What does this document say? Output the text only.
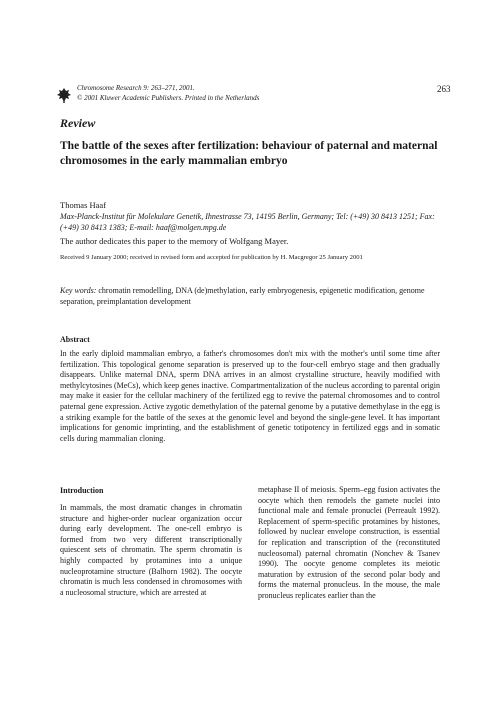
Chromosome Research 9: 263–271, 2001.
© 2001 Kluwer Academic Publishers. Printed in the Netherlands
263
Review
The battle of the sexes after fertilization: behaviour of paternal and maternal chromosomes in the early mammalian embryo
Thomas Haaf
Max-Planck-Institut für Molekulare Genetik, Ihnestrasse 73, 14195 Berlin, Germany; Tel: (+49) 30 8413 1251; Fax: (+49) 30 8413 1383; E-mail: haaf@molgen.mpg.de
The author dedicates this paper to the memory of Wolfgang Mayer.
Received 9 January 2000; received in revised form and accepted for publication by H. Macgregor 25 January 2001
Key words: chromatin remodelling, DNA (de)methylation, early embryogenesis, epigenetic modification, genome separation, preimplantation development
Abstract

In the early diploid mammalian embryo, a father's chromosomes don't mix with the mother's until some time after fertilization. This topological genome separation is preserved up to the four-cell embryo stage and then gradually disappears. Unlike maternal DNA, sperm DNA arrives in an almost crystalline structure, heavily modified with methylcytosines (MeCs), which keep genes inactive. Compartmentalization of the nucleus according to parental origin may make it easier for the cellular machinery of the fertilized egg to revive the paternal chromosomes and to control paternal gene expression. Active zygotic demethylation of the paternal genome by a putative demethylase in the egg is a striking example for the battle of the sexes at the genomic level and beyond the single-gene level. It has important implications for genomic imprinting, and the establishment of genetic totipotency in fertilized eggs and in somatic cells during mammalian cloning.

Introduction

In mammals, the most dramatic changes in chromatin structure and higher-order nuclear organization occur during early development. The one-cell embryo is formed from two very different transcriptionally quiescent sets of chromatin. The sperm chromatin is highly compacted by protamines into a unique nucleoprotamine structure (Balhorn 1982). The oocyte chromatin is much less condensed in chromosomes with a nucleosomal structure, which are arrested at

metaphase II of meiosis. Sperm–egg fusion activates the oocyte which then remodels the gamete nuclei into functional male and female pronuclei (Perreault 1992). Replacement of sperm-specific protamines by histones, followed by nuclear envelope construction, is essential for replication and transcription of the (reconstituted nucleosomal) paternal chromatin (Nonchev & Tsanev 1990). The oocyte genome completes its meiotic maturation by extrusion of the second polar body and forms the maternal pronucleus. In the mouse, the male pronucleus replicates earlier than the
